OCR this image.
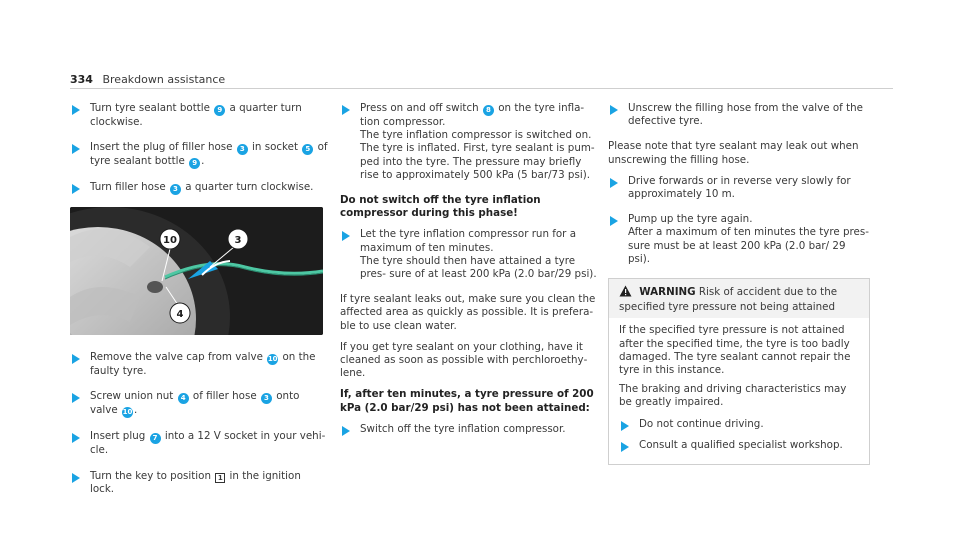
334 Breakdown assistance
Turn tyre sealant bottle 9 a quarter turn clockwise.
Insert the plug of filler hose 3 in socket 5 of tyre sealant bottle 9 .
Turn filler hose 3 a quarter turn clockwise.
10	3
4
Remove the valve cap from valve 10 on the faulty tyre.
Screw union nut 4 of filler hose 3 onto valve 10 .
Insert plug 7 into a 12 V socket in your vehi‐ cle.
Turn the key to position 1 in the ignition lock.
Press on and off switch 8 on the tyre infla‐ tion compressor.
The tyre inflation compressor is switched on. The tyre is inflated. First, tyre sealant is pum‐ ped into the tyre. The pressure may briefly rise to approximately 500 kPa (5 bar/73 psi).
Do not switch off the tyre inflation compressor during this phase!
Let the tyre inflation compressor run for a maximum of ten minutes.
The tyre should then have attained a tyre pres‐ sure of at least 200 kPa (2.0 bar/29 psi).
If tyre sealant leaks out, make sure you clean the affected area as quickly as possible. It is prefera‐ ble to use clean water.
If you get tyre sealant on your clothing, have it cleaned as soon as possible with perchloroethy‐ lene.
If, after ten minutes, a tyre pressure of 200 kPa (2.0 bar/29 psi) has not been attained:
Switch off the tyre inflation compressor.
Unscrew the filling hose from the valve of the defective tyre.
Please note that tyre sealant may leak out when unscrewing the filling hose.
Drive forwards or in reverse very slowly for approximately 10 m.
Pump up the tyre again.
After a maximum of ten minutes the tyre pres‐ sure must be at least 200 kPa (2.0 bar/ 29 psi).
WARNING Risk of accident due to the specified tyre pressure not being attained
If the specified tyre pressure is not attained after the specified time, the tyre is too badly damaged. The tyre sealant cannot repair the tyre in this instance.
The braking and driving characteristics may be greatly impaired.
Do not continue driving.
Consult a qualified specialist workshop.
